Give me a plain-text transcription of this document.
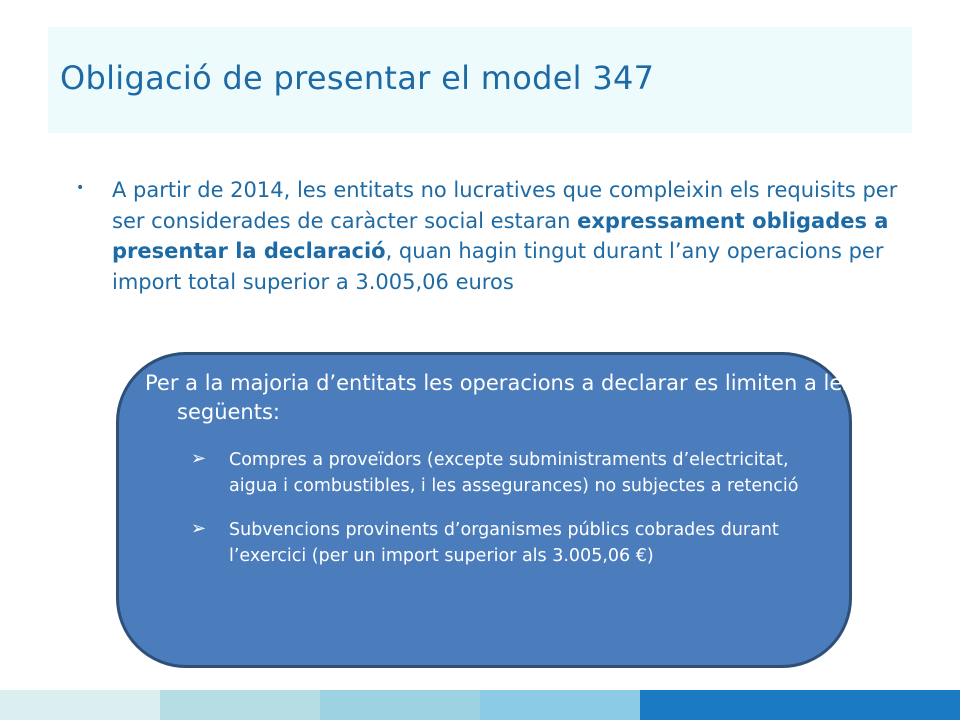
Obligació de presentar el model 347
• A partir de 2014, les entitats no lucratives que compleixin els requisits per ser considerades de caràcter social estaran expressament obligades a presentar la declaració, quan hagin tingut durant l’any operacions per import total superior a 3.005,06 euros

Per a la majoria d’entitats les operacions a declarar es limiten a les següents:

➢ Compres a proveïdors (excepte subministraments d’electricitat, aigua i combustibles, i les assegurances) no subjectes a retenció
➢ Subvencions provinents d’organismes públics cobrades durant l’exercici (per un import superior als 3.005,06 €)
